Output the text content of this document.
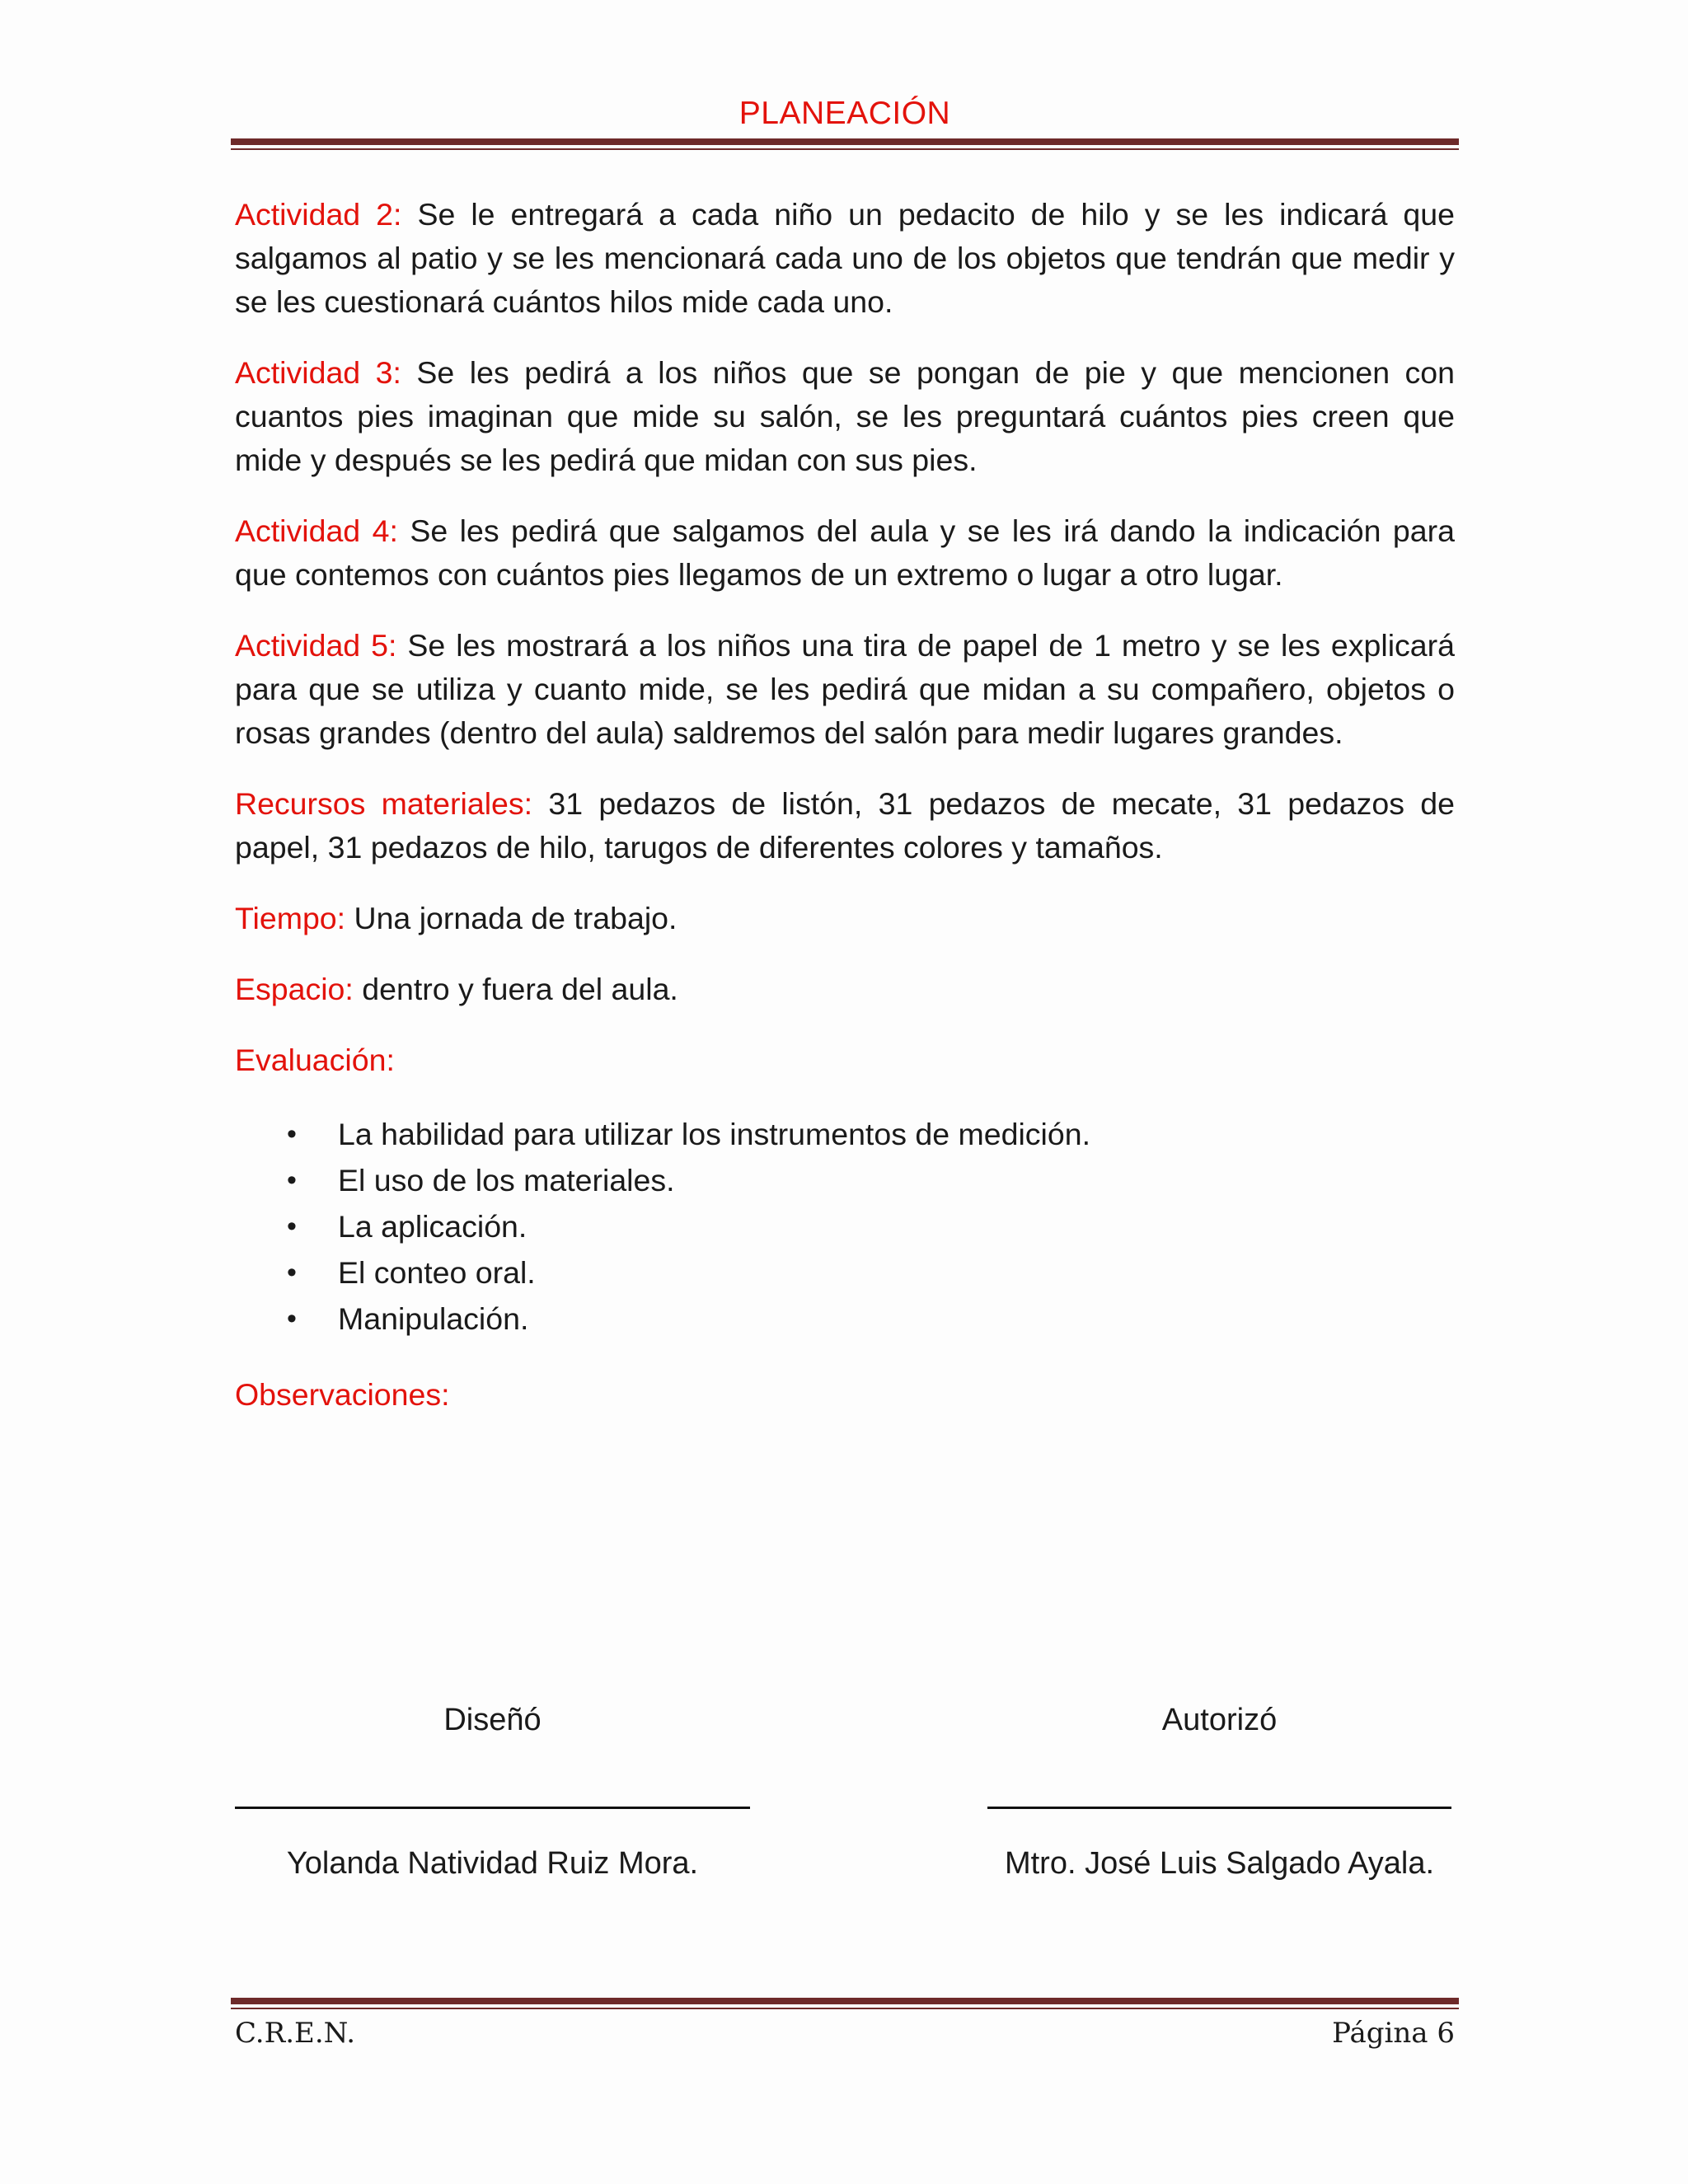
PLANEACIÓN

Actividad 2: Se le entregará a cada niño un pedacito de hilo y se les indicará que salgamos al patio y se les mencionará cada uno de los objetos que tendrán que medir y se les cuestionará cuántos hilos mide cada uno.

Actividad 3: Se les pedirá a los niños que se pongan de pie y que mencionen con cuantos pies imaginan que mide su salón, se les preguntará cuántos pies creen que mide y después se les pedirá que midan con sus pies.

Actividad 4: Se les pedirá que salgamos del aula y se les irá dando la indicación para que contemos con cuántos pies llegamos de un extremo o lugar a otro lugar.

Actividad 5: Se les mostrará a los niños una tira de papel de 1 metro y se les explicará para que se utiliza y cuanto mide, se les pedirá que midan a su compañero, objetos o rosas grandes (dentro del aula) saldremos del salón para medir lugares grandes.

Recursos materiales: 31 pedazos de listón, 31 pedazos de mecate, 31 pedazos de papel, 31 pedazos de hilo, tarugos de diferentes colores y tamaños.

Tiempo: Una jornada de trabajo.

Espacio: dentro y fuera del aula.

Evaluación:

• La habilidad para utilizar los instrumentos de medición.
• El uso de los materiales.
• La aplicación.
• El conteo oral.
• Manipulación.

Observaciones:

Diseñó	Autorizó
Yolanda Natividad Ruiz Mora.	Mtro. José Luis Salgado Ayala.
C.R.E.N.	Página 6
